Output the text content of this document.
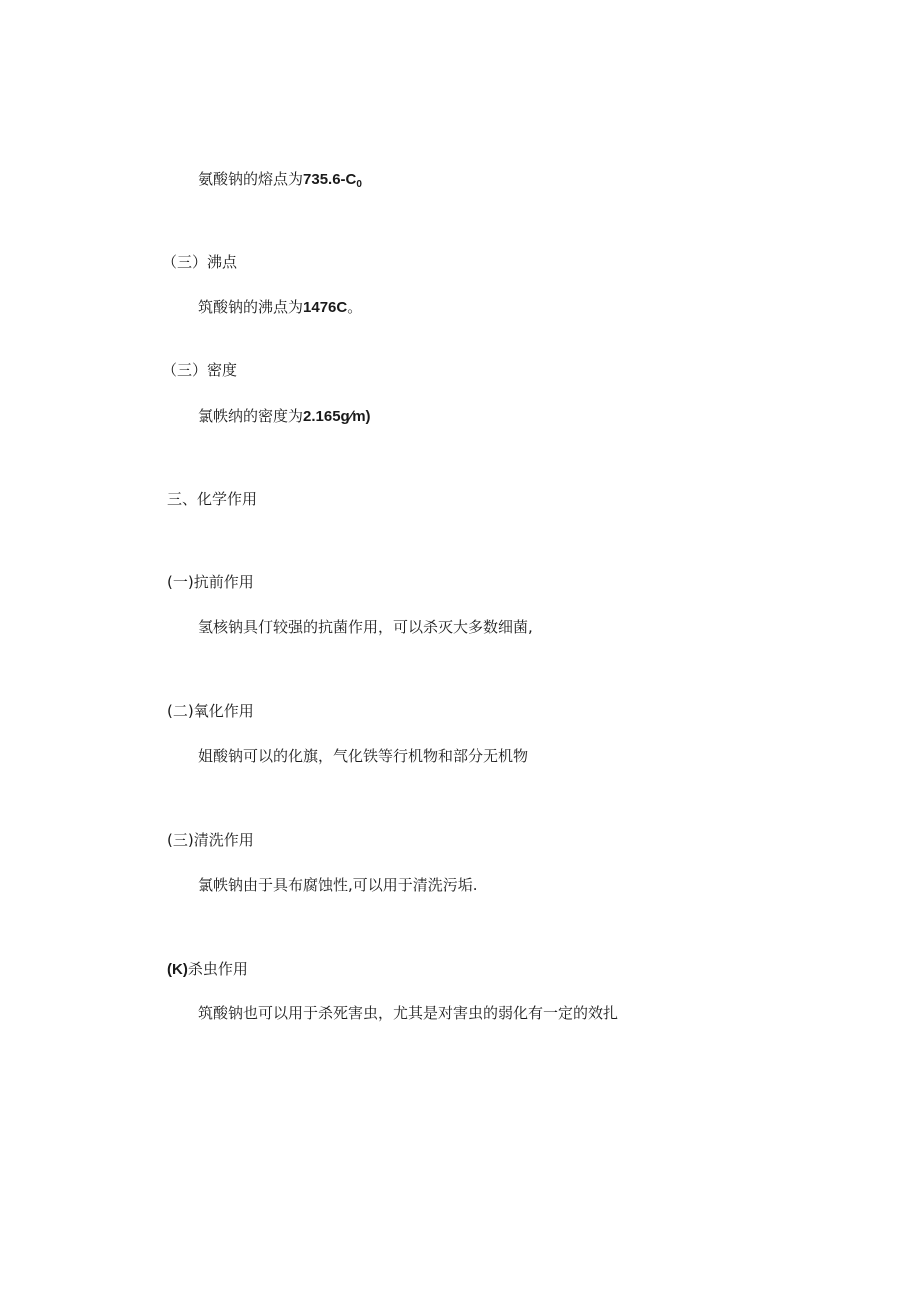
氨酸钠的熔点为$735.6-C_0$
（三）沸点
筑酸钠的沸点为1476C。
（三）密度
氯帙纳的密度为2.165g∕m)
三、化学作用
(一)抗前作用
氢核钠具仃较强的抗菌作用，可以杀灭大多数细菌,
(二)氧化作用
姐酸钠可以的化旗，气化铁等行机物和部分无机物
(三)清洗作用
氯帙钠由于具布腐蚀性,可以用于清洗污垢.
(K)杀虫作用
筑酸钠也可以用于杀死害虫，尤其是对害虫的弱化有一定的效扎
